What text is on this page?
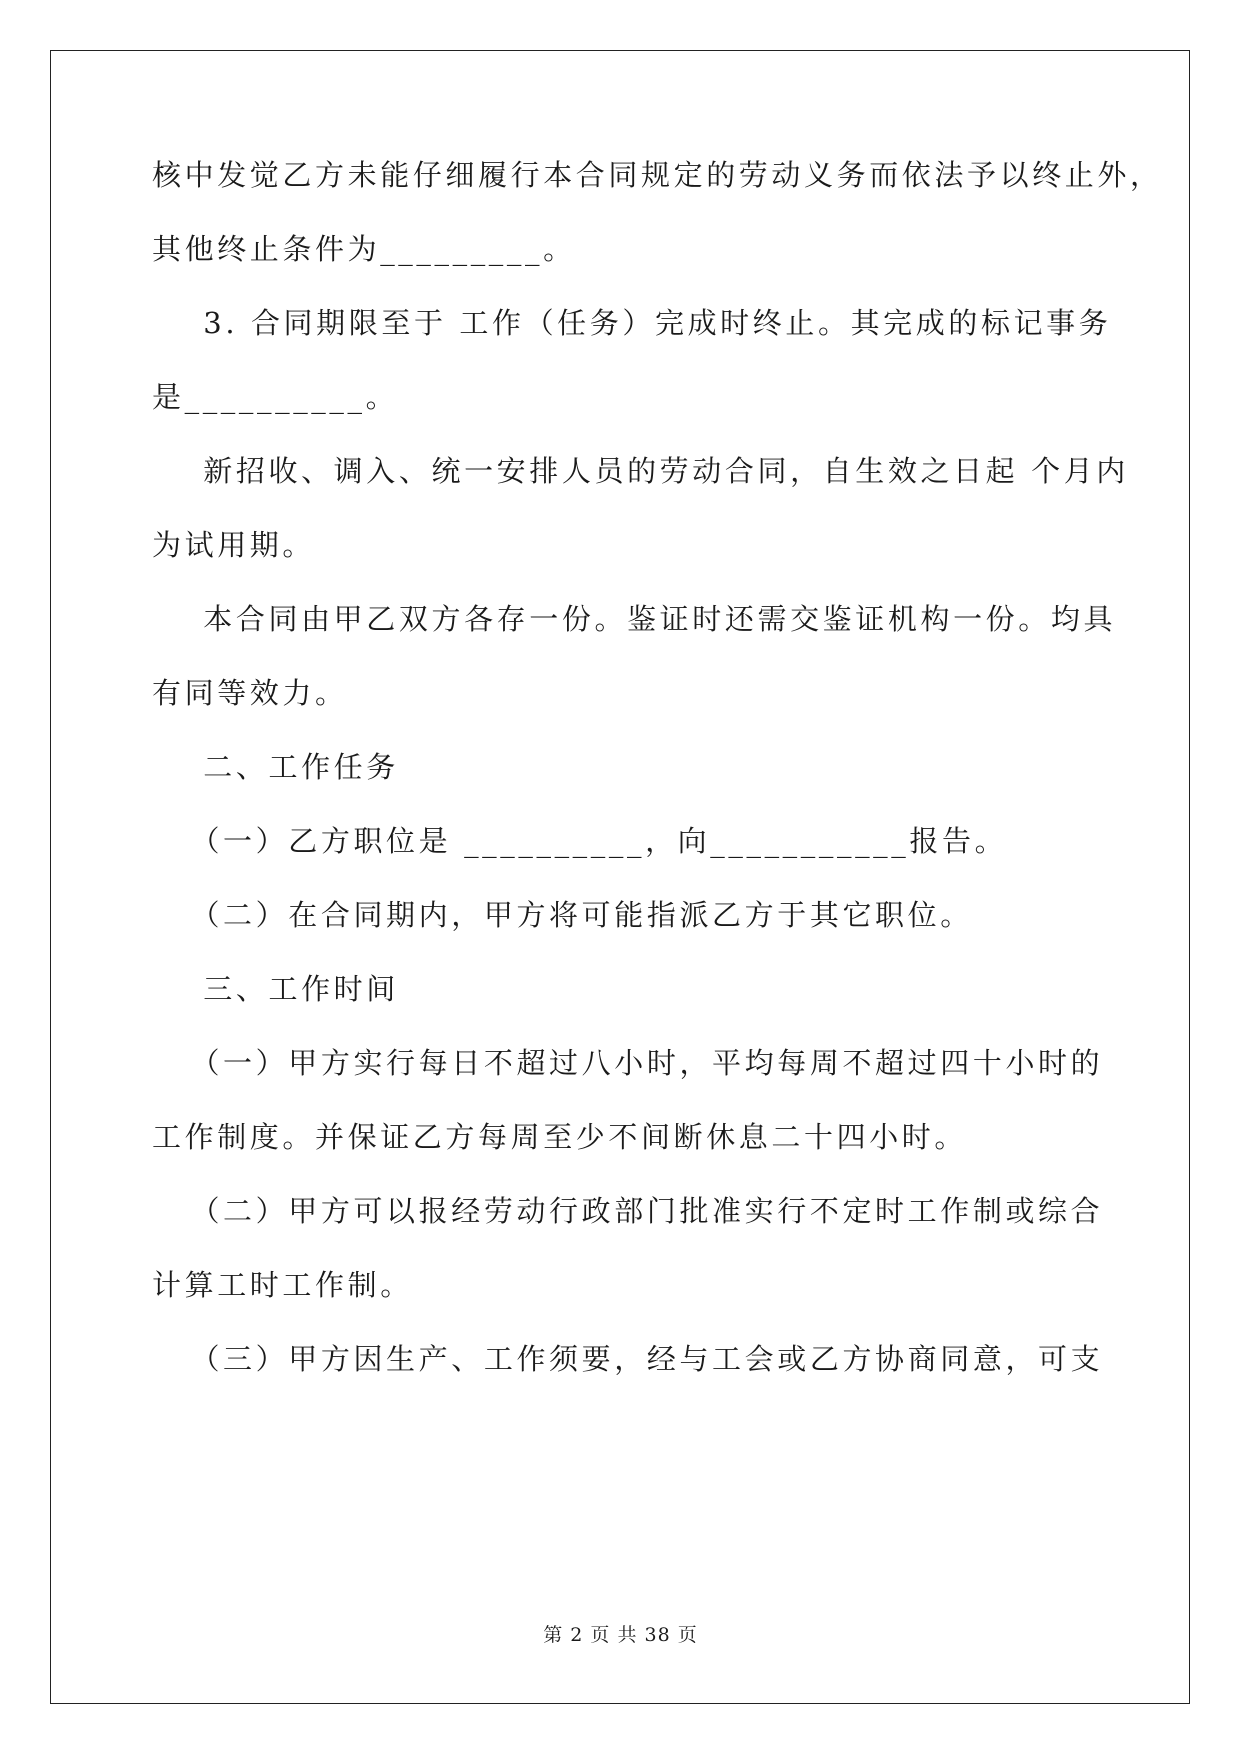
核中发觉乙方未能仔细履行本合同规定的劳动义务而依法予以终止外，
其他终止条件为_________。
3. 合同期限至于 工作（任务）完成时终止。其完成的标记事务
是__________。
新招收、调入、统一安排人员的劳动合同，自生效之日起 个月内
为试用期。
本合同由甲乙双方各存一份。鉴证时还需交鉴证机构一份。均具
有同等效力。
二、工作任务
（一）乙方职位是 __________，向___________报告。
（二）在合同期内，甲方将可能指派乙方于其它职位。
三、工作时间
（一）甲方实行每日不超过八小时，平均每周不超过四十小时的
工作制度。并保证乙方每周至少不间断休息二十四小时。
（二）甲方可以报经劳动行政部门批准实行不定时工作制或综合
计算工时工作制。
（三）甲方因生产、工作须要，经与工会或乙方协商同意，可支
第 2 页 共 38 页
